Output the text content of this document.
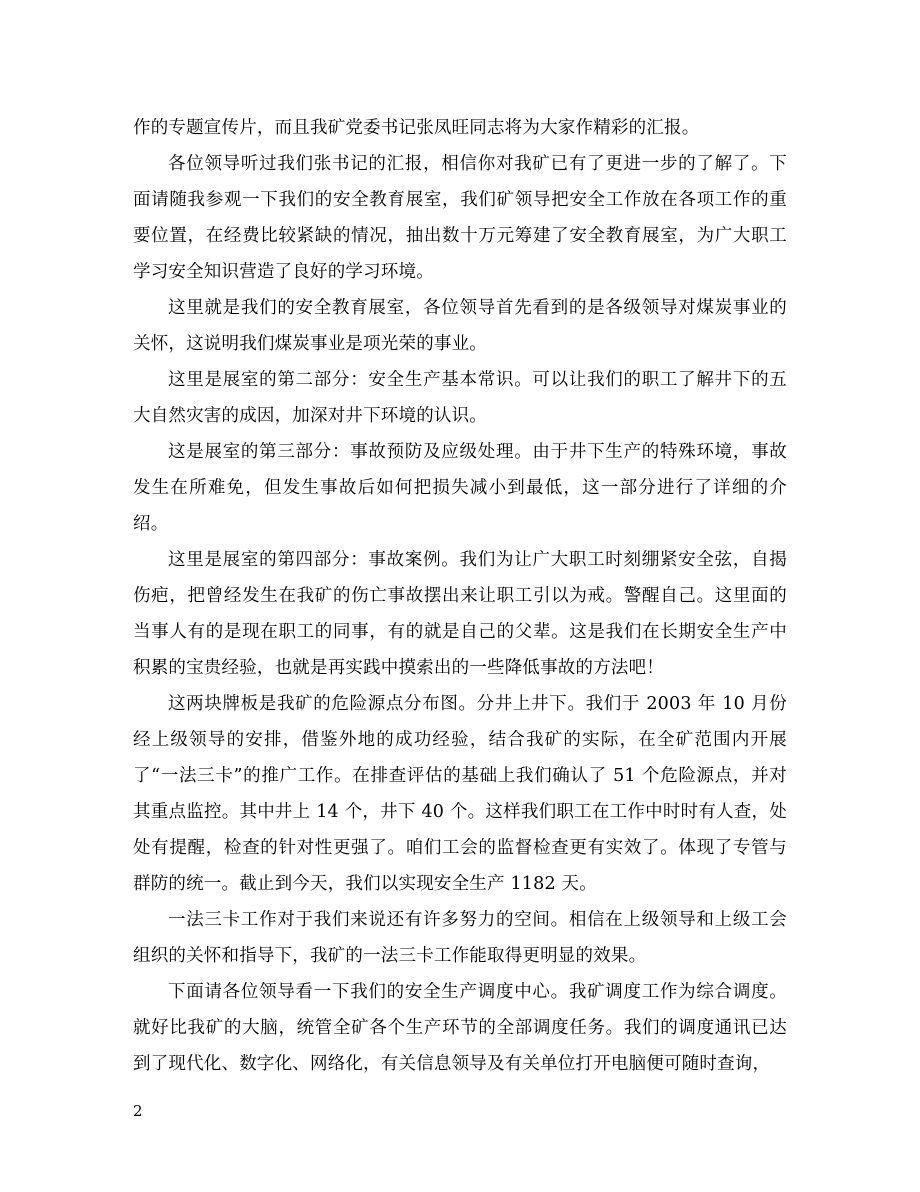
作的专题宣传片，而且我矿党委书记张凤旺同志将为大家作精彩的汇报。

各位领导听过我们张书记的汇报，相信你对我矿已有了更进一步的了解了。下面请随我参观一下我们的安全教育展室，我们矿领导把安全工作放在各项工作的重要位置，在经费比较紧缺的情况，抽出数十万元筹建了安全教育展室，为广大职工学习安全知识营造了良好的学习环境。

这里就是我们的安全教育展室，各位领导首先看到的是各级领导对煤炭事业的关怀，这说明我们煤炭事业是项光荣的事业。

这里是展室的第二部分：安全生产基本常识。可以让我们的职工了解井下的五大自然灾害的成因，加深对井下环境的认识。

这是展室的第三部分：事故预防及应级处理。由于井下生产的特殊环境，事故发生在所难免，但发生事故后如何把损失减小到最低，这一部分进行了详细的介绍。

这里是展室的第四部分：事故案例。我们为让广大职工时刻绷紧安全弦，自揭伤疤，把曾经发生在我矿的伤亡事故摆出来让职工引以为戒。警醒自己。这里面的当事人有的是现在职工的同事，有的就是自己的父辈。这是我们在长期安全生产中积累的宝贵经验，也就是再实践中摸索出的一些降低事故的方法吧！

这两块牌板是我矿的危险源点分布图。分井上井下。我们于 2003 年 10 月份经上级领导的安排，借鉴外地的成功经验，结合我矿的实际，在全矿范围内开展了“一法三卡”的推广工作。在排查评估的基础上我们确认了 51 个危险源点，并对其重点监控。其中井上 14 个，井下 40 个。这样我们职工在工作中时时有人查，处处有提醒，检查的针对性更强了。咱们工会的监督检查更有实效了。体现了专管与群防的统一。截止到今天，我们以实现安全生产 1182 天。

一法三卡工作对于我们来说还有许多努力的空间。相信在上级领导和上级工会组织的关怀和指导下，我矿的一法三卡工作能取得更明显的效果。

下面请各位领导看一下我们的安全生产调度中心。我矿调度工作为综合调度。就好比我矿的大脑，统管全矿各个生产环节的全部调度任务。我们的调度通讯已达到了现代化、数字化、网络化，有关信息领导及有关单位打开电脑便可随时查询，

2
